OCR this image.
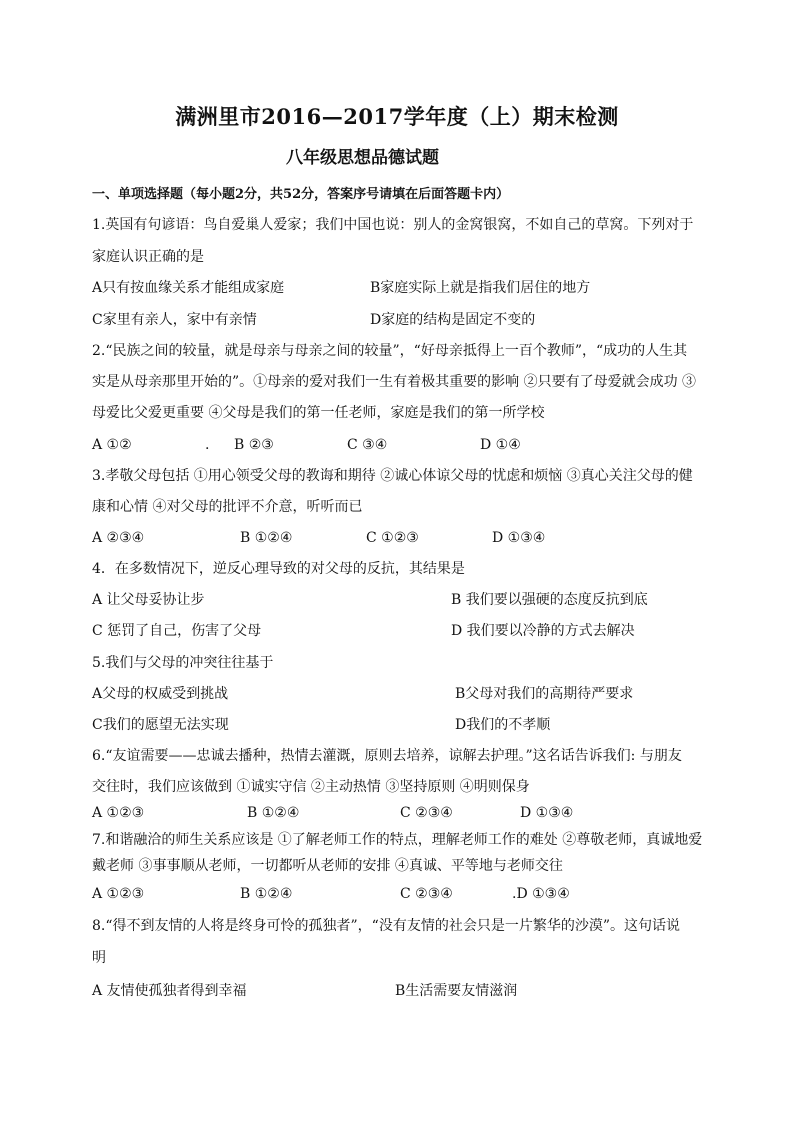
满洲里市2016—2017学年度（上）期末检测
八年级思想品德试题
一、单项选择题（每小题2分，共52分，答案序号请填在后面答题卡内）
1.英国有句谚语：鸟自爱巢人爱家；我们中国也说：别人的金窝银窝，不如自己的草窝。下列对于
家庭认识正确的是
A只有按血缘关系才能组成家庭	B家庭实际上就是指我们居住的地方
C家里有亲人，家中有亲情	D家庭的结构是固定不变的
2.“民族之间的较量，就是母亲与母亲之间的较量”，“好母亲抵得上一百个教师”，“成功的人生其
实是从母亲那里开始的”。①母亲的爱对我们一生有着极其重要的影响 ②只要有了母爱就会成功 ③
母爱比父爱更重要 ④父母是我们的第一任老师，家庭是我们的第一所学校
A ①②	. B ②③	C ③④	D ①④
3.孝敬父母包括 ①用心领受父母的教诲和期待 ②诚心体谅父母的忧虑和烦恼 ③真心关注父母的健
康和心情 ④对父母的批评不介意，听听而已
A ②③④	B ①②④	C ①②③	D ①③④
4．在多数情况下，逆反心理导致的对父母的反抗，其结果是
A 让父母妥协让步	B 我们要以强硬的态度反抗到底
C 惩罚了自己，伤害了父母	D 我们要以冷静的方式去解决
5.我们与父母的冲突往往基于
A父母的权威受到挑战	B父母对我们的高期待严要求
C我们的愿望无法实现	D我们的不孝顺
6.“友谊需要——忠诚去播种，热情去灌溉，原则去培养，谅解去护理。”这名话告诉我们: 与朋友
交往时，我们应该做到 ①诚实守信 ②主动热情 ③坚持原则 ④明则保身
A ①②③	B ①②④	C ②③④	D ①③④
7.和谐融洽的师生关系应该是 ①了解老师工作的特点，理解老师工作的难处 ②尊敬老师，真诚地爱
戴老师 ③事事顺从老师，一切都听从老师的安排 ④真诚、平等地与老师交往
A ①②③	B ①②④	C ②③④	.D ①③④
8.“得不到友情的人将是终身可怜的孤独者”，“没有友情的社会只是一片繁华的沙漠”。这句话说
明
A 友情使孤独者得到幸福	B生活需要友情滋润
